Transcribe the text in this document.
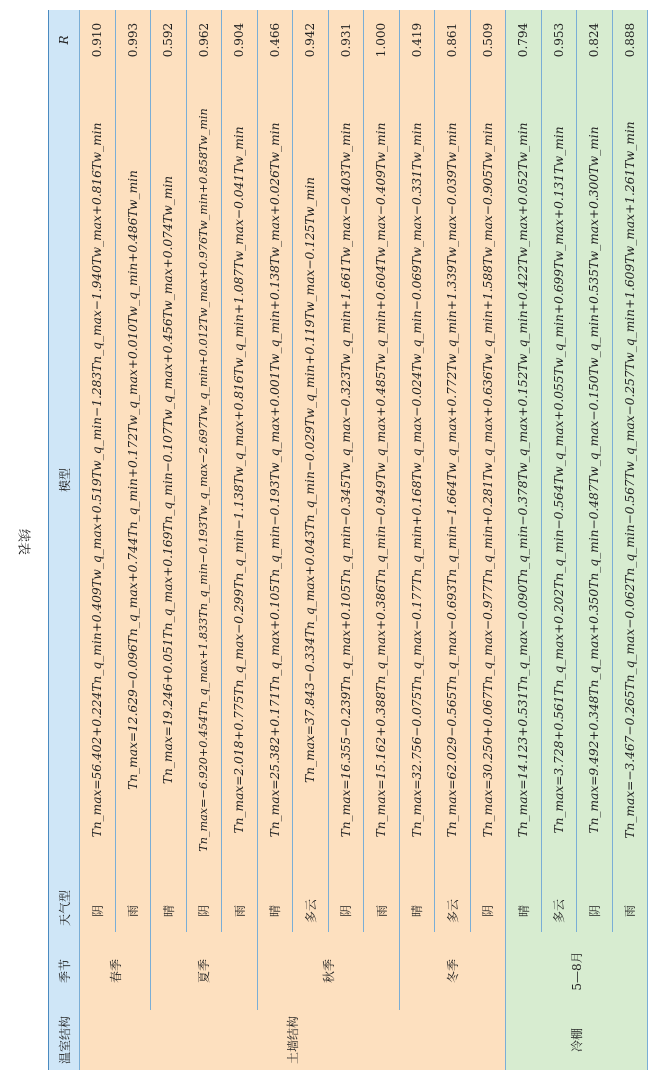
续表
温室结构	季节	天气型	模型	R
土墙结构	春季	阴	Tn_max=56.402+0.224Tn_q_min+0.409Tw_q_max+0.519Tw_q_min−1.283Tn_q_max−1.940Tw_max+0.816Tw_min	0.910
		雨	Tn_max=12.629−0.096Tn_q_max+0.744Tn_q_min+0.172Tw_q_max+0.010Tw_q_min+0.486Tw_min	0.993
	夏季	晴	Tn_max=19.246+0.051Tn_q_max+0.169Tn_q_min−0.107Tw_q_max+0.456Tw_max+0.074Tw_min	0.592
		阴	Tn_max=−6.920+0.454Tn_q_max+1.833Tn_q_min−0.193Tw_q_max−2.697Tw_q_min+0.012Tw_max+0.976Tw_min+0.858Tw_min	0.962
		雨	Tn_max=2.018+0.775Tn_q_max−0.299Tn_q_min−1.138Tw_q_max+0.816Tw_q_min+1.087Tw_max−0.041Tw_min	0.904
	秋季	晴	Tn_max=25.382+0.171Tn_q_max+0.105Tn_q_min−0.193Tw_q_max+0.001Tw_q_min+0.138Tw_max+0.026Tw_min	0.466
		多云	Tn_max=37.843−0.334Tn_q_max+0.043Tn_q_min−0.029Tw_q_min+0.119Tw_max−0.125Tw_min	0.942
		阴	Tn_max=16.355−0.239Tn_q_max+0.105Tn_q_min−0.345Tw_q_max−0.323Tw_q_min+1.661Tw_max−0.403Tw_min	0.931
		雨	Tn_max=15.162+0.388Tn_q_max+0.386Tn_q_min−0.949Tw_q_max+0.485Tw_q_min+0.604Tw_max−0.409Tw_min	1.000
	冬季	晴	Tn_max=32.756−0.075Tn_q_max−0.177Tn_q_min+0.168Tw_q_max−0.024Tw_q_min−0.069Tw_max−0.331Tw_min	0.419
		多云	Tn_max=62.029−0.565Tn_q_max−0.693Tn_q_min−1.664Tw_q_max+0.772Tw_q_min+1.339Tw_max−0.039Tw_min	0.861
		阴	Tn_max=30.250+0.067Tn_q_max−0.977Tn_q_min+0.281Tw_q_max+0.636Tw_q_min+1.588Tw_max−0.905Tw_min	0.509
冷棚	5—8月	晴	Tn_max=14.123+0.531Tn_q_max−0.090Tn_q_min−0.378Tw_q_max+0.152Tw_q_min+0.422Tw_max+0.052Tw_min	0.794
		多云	Tn_max=3.728+0.561Tn_q_max+0.202Tn_q_min−0.564Tw_q_max+0.055Tw_q_min+0.699Tw_max+0.131Tw_min	0.953
		阴	Tn_max=9.492+0.348Tn_q_max+0.350Tn_q_min−0.487Tw_q_max−0.150Tw_q_min+0.535Tw_max+0.300Tw_min	0.824
		雨	Tn_max=−3.467−0.265Tn_q_max−0.062Tn_q_min−0.567Tw_q_max−0.257Tw_q_min+1.609Tw_max+1.261Tw_min	0.888
